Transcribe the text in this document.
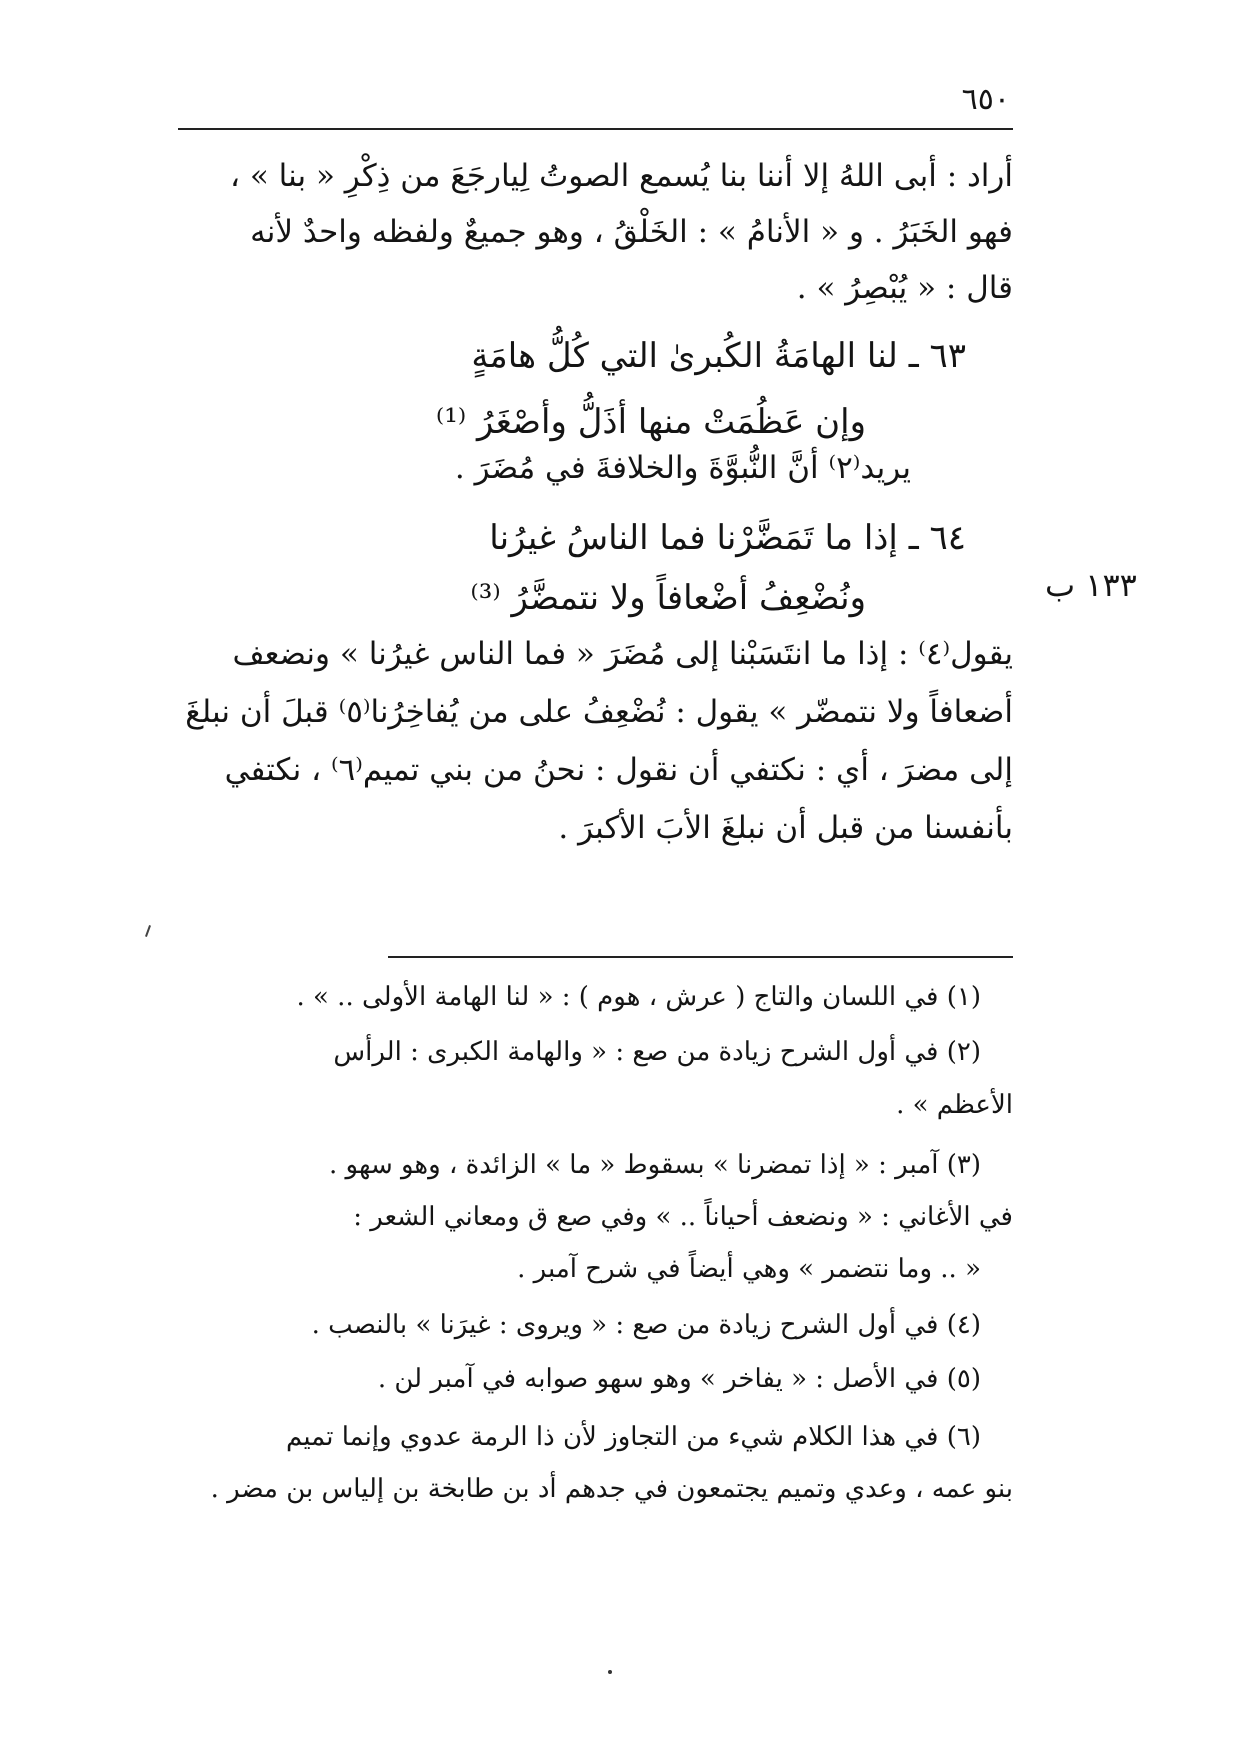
٦٥٠
أراد : أبى اللهُ إلا أننا بنا يُسمع الصوتُ لِيارجَعَ من ذِكْرِ « بنا » ،
فهو الخَبَرُ . و « الأنامُ » : الخَلْقُ ، وهو جميعٌ ولفظه واحدٌ لأنه
قال : « يُبْصِرُ » .
٦٣ ـ لنا الهامَةُ الكُبرىٰ التي كُلُّ هامَةٍ
وإن عَظُمَتْ منها أذَلُّ وأصْغَرُ ⁽¹⁾
يريد⁽٢⁾ أنَّ النُّبوَّةَ والخلافةَ في مُضَرَ .
١٣٣ ب
٦٤ ـ إذا ما تَمَضَّرْنا فما الناسُ غيرُنا
ونُضْعِفُ أضْعافاً ولا نتمضَّرُ ⁽³⁾
يقول⁽٤⁾ : إذا ما انتَسَبْنا إلى مُضَرَ « فما الناس غيرُنا » ونضعف
أضعافاً ولا نتمضّر » يقول : نُضْعِفُ على من يُفاخِرُنا⁽٥⁾ قبلَ أن نبلغَ
إلى مضرَ ، أي : نكتفي أن نقول : نحنُ من بني تميم⁽٦⁾ ، نكتفي
بأنفسنا من قبل أن نبلغَ الأبَ الأكبرَ .
(١) في اللسان والتاج ( عرش ، هوم ) : « لنا الهامة الأولى .. » .
(٢) في أول الشرح زيادة من صع : « والهامة الكبرى : الرأس
الأعظم » .
(٣) آمبر : « إذا تمضرنا » بسقوط « ما » الزائدة ، وهو سهو .
في الأغاني : « ونضعف أحياناً .. » وفي صع ق ومعاني الشعر :
« .. وما نتضمر » وهي أيضاً في شرح آمبر .
(٤) في أول الشرح زيادة من صع : « ويروى : غيرَنا » بالنصب .
(٥) في الأصل : « يفاخر » وهو سهو صوابه في آمبر لن .
(٦) في هذا الكلام شيء من التجاوز لأن ذا الرمة عدوي وإنما تميم
بنو عمه ، وعدي وتميم يجتمعون في جدهم أد بن طابخة بن إلياس بن مضر .
